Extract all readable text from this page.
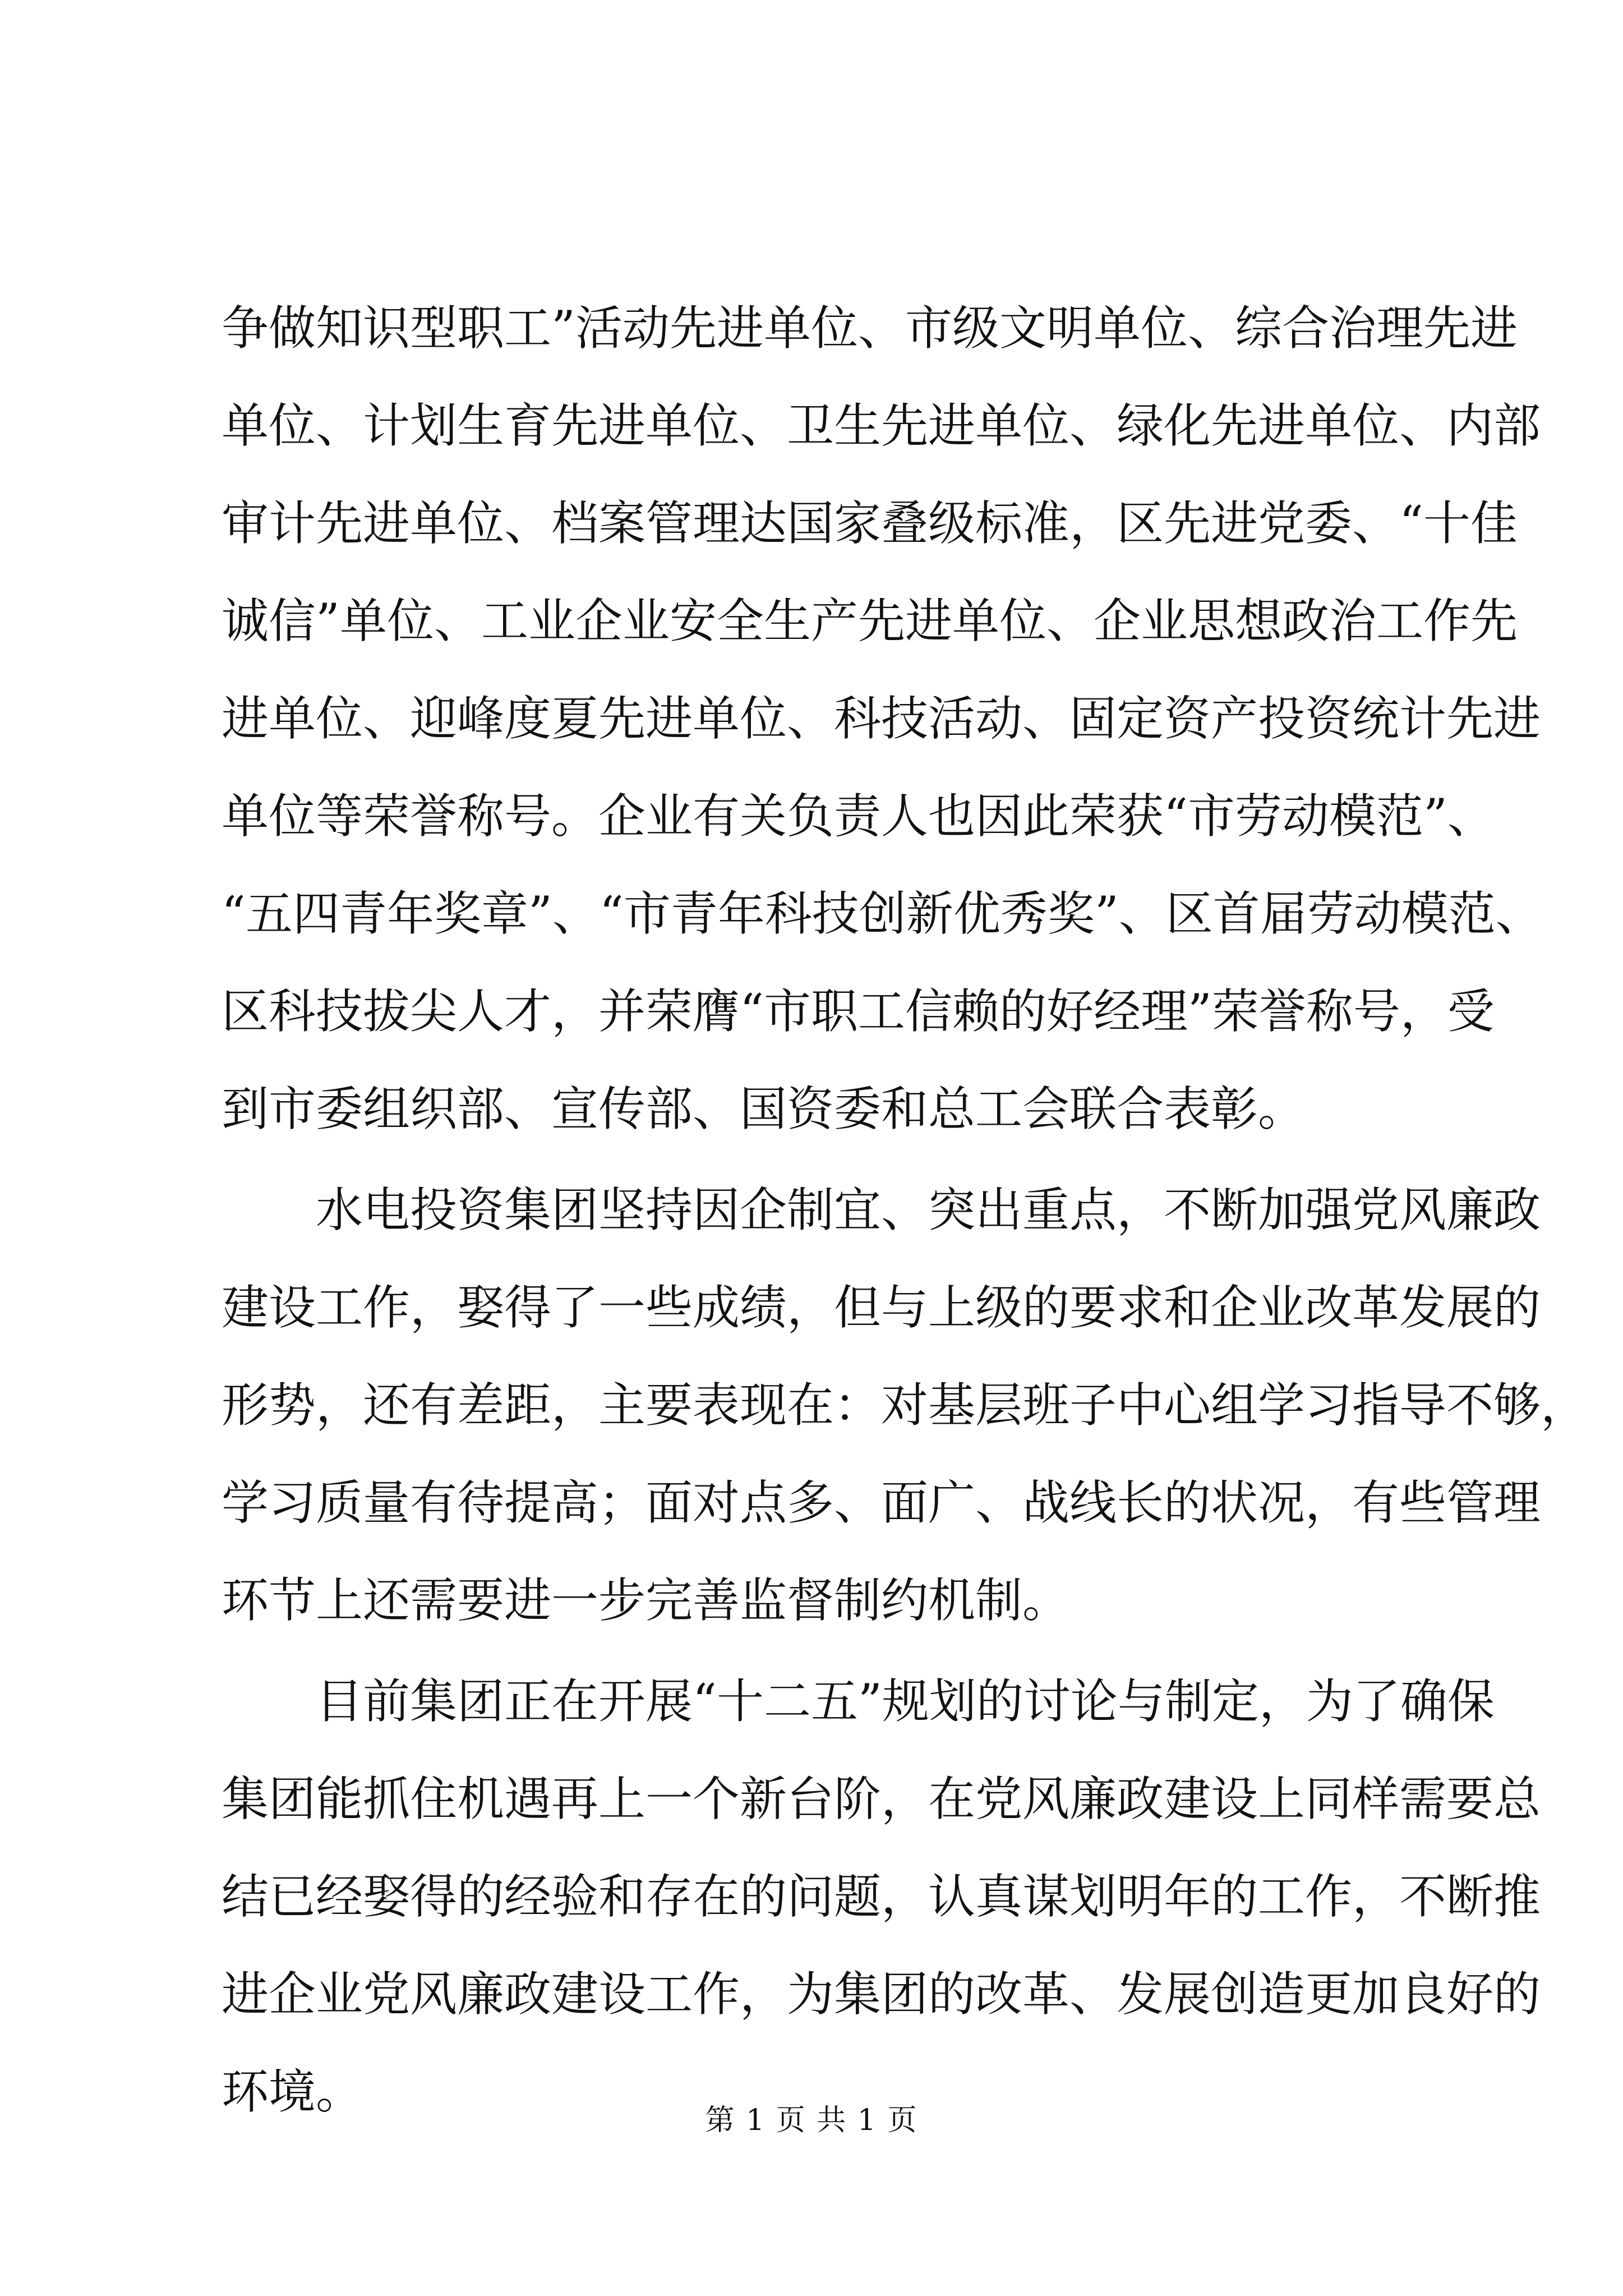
争做知识型职工”活动先进单位、市级文明单位、综合治理先进
单位、计划生育先进单位、卫生先进单位、绿化先进单位、内部
审计先进单位、档案管理达国家叠级标准，区先进党委、“十佳
诚信”单位、工业企业安全生产先进单位、企业思想政治工作先
进单位、迎峰度夏先进单位、科技活动、固定资产投资统计先进
单位等荣誉称号。企业有关负责人也因此荣获“市劳动模范”、
“五四青年奖章”、“市青年科技创新优秀奖”、区首届劳动模范、
区科技拔尖人才，并荣膺“市职工信赖的好经理”荣誉称号，受
到市委组织部、宣传部、国资委和总工会联合表彰。
水电投资集团坚持因企制宜、突出重点，不断加强党风廉政
建设工作，娶得了一些成绩，但与上级的要求和企业改革发展的
形势，还有差距，主要表现在：对基层班子中心组学习指导不够，
学习质量有待提高；面对点多、面广、战线长的状况，有些管理
环节上还需要进一步完善监督制约机制。
目前集团正在开展“十二五”规划的讨论与制定，为了确保
集团能抓住机遇再上一个新台阶，在党风廉政建设上同样需要总
结已经娶得的经验和存在的问题，认真谋划明年的工作，不断推
进企业党风廉政建设工作，为集团的改革、发展创造更加良好的
环境。
第 1 页 共 1 页
